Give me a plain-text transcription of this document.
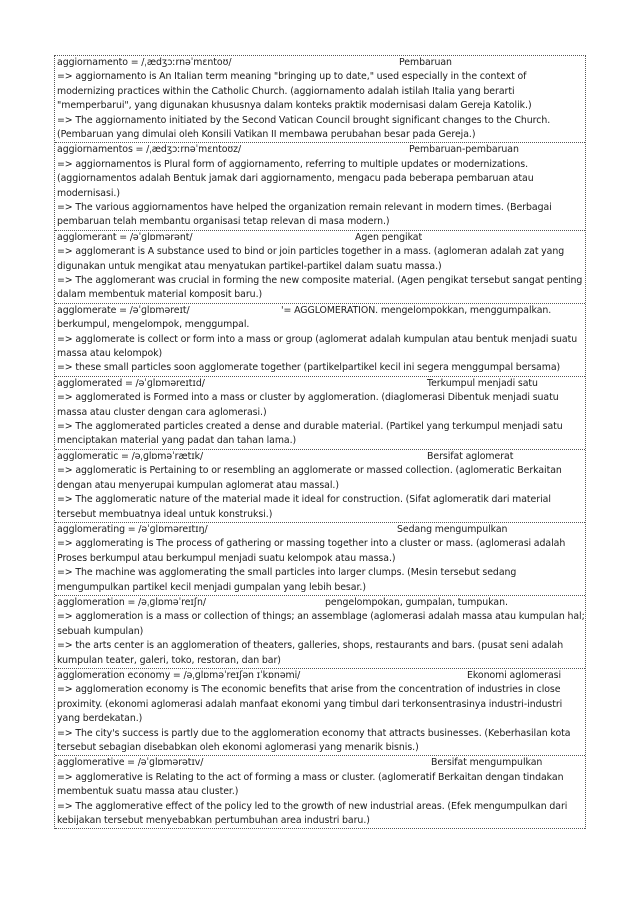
aggiornamento = /ˌædʒɔːrnəˈmɛntoʊ/	Pembaruan
=> aggiornamento is An Italian term meaning "bringing up to date," used especially in the context of modernizing practices within the Catholic Church. (aggiornamento adalah istilah Italia yang berarti "memperbarui", yang digunakan khususnya dalam konteks praktik modernisasi dalam Gereja Katolik.)
=> The aggiornamento initiated by the Second Vatican Council brought significant changes to the Church. (Pembaruan yang dimulai oleh Konsili Vatikan II membawa perubahan besar pada Gereja.)
aggiornamentos = /ˌædʒɔːrnəˈmɛntoʊz/	Pembaruan-pembaruan
=> aggiornamentos is Plural form of aggiornamento, referring to multiple updates or modernizations. (aggiornamentos adalah Bentuk jamak dari aggiornamento, mengacu pada beberapa pembaruan atau modernisasi.)
=> The various aggiornamentos have helped the organization remain relevant in modern times. (Berbagai pembaruan telah membantu organisasi tetap relevan di masa modern.)
agglomerant = /əˈɡlɒmərənt/	Agen pengikat
=> agglomerant is A substance used to bind or join particles together in a mass. (aglomeran adalah zat yang digunakan untuk mengikat atau menyatukan partikel-partikel dalam suatu massa.)
=> The agglomerant was crucial in forming the new composite material. (Agen pengikat tersebut sangat penting dalam membentuk material komposit baru.)
agglomerate = /əˈɡlɒməreɪt/	'= AGGLOMERATION. mengelompokkan, menggumpalkan.
berkumpul, mengelompok, menggumpal.
=> agglomerate is collect or form into a mass or group (aglomerat adalah kumpulan atau bentuk menjadi suatu massa atau kelompok)
=> these small particles soon agglomerate together (partikelpartikel kecil ini segera menggumpal bersama)
agglomerated = /əˈɡlɒməreɪtɪd/	Terkumpul menjadi satu
=> agglomerated is Formed into a mass or cluster by agglomeration. (diaglomerasi Dibentuk menjadi suatu massa atau cluster dengan cara aglomerasi.)
=> The agglomerated particles created a dense and durable material. (Partikel yang terkumpul menjadi satu menciptakan material yang padat dan tahan lama.)
agglomeratic = /əˌɡlɒməˈrætɪk/	Bersifat aglomerat
=> agglomeratic is Pertaining to or resembling an agglomerate or massed collection. (aglomeratic Berkaitan dengan atau menyerupai kumpulan aglomerat atau massal.)
=> The agglomeratic nature of the material made it ideal for construction. (Sifat aglomeratik dari material tersebut membuatnya ideal untuk konstruksi.)
agglomerating = /əˈɡlɒməreɪtɪŋ/	Sedang mengumpulkan
=> agglomerating is The process of gathering or massing together into a cluster or mass. (aglomerasi adalah Proses berkumpul atau berkumpul menjadi suatu kelompok atau massa.)
=> The machine was agglomerating the small particles into larger clumps. (Mesin tersebut sedang mengumpulkan partikel kecil menjadi gumpalan yang lebih besar.)
agglomeration = /əˌɡlɒməˈreɪʃn/	pengelompokan, gumpalan, tumpukan.
=> agglomeration is a mass or collection of things; an assemblage (aglomerasi adalah massa atau kumpulan hal; sebuah kumpulan)
=> the arts center is an agglomeration of theaters, galleries, shops, restaurants and bars. (pusat seni adalah kumpulan teater, galeri, toko, restoran, dan bar)
agglomeration economy = /əˌɡlɒməˈreɪʃən ɪˈkɒnəmi/	Ekonomi aglomerasi
=> agglomeration economy is The economic benefits that arise from the concentration of industries in close proximity. (ekonomi aglomerasi adalah manfaat ekonomi yang timbul dari terkonsentrasinya industri-industri yang berdekatan.)
=> The city's success is partly due to the agglomeration economy that attracts businesses. (Keberhasilan kota tersebut sebagian disebabkan oleh ekonomi aglomerasi yang menarik bisnis.)
agglomerative = /əˈɡlɒmərətɪv/	Bersifat mengumpulkan
=> agglomerative is Relating to the act of forming a mass or cluster. (aglomeratif Berkaitan dengan tindakan membentuk suatu massa atau cluster.)
=> The agglomerative effect of the policy led to the growth of new industrial areas. (Efek mengumpulkan dari kebijakan tersebut menyebabkan pertumbuhan area industri baru.)
